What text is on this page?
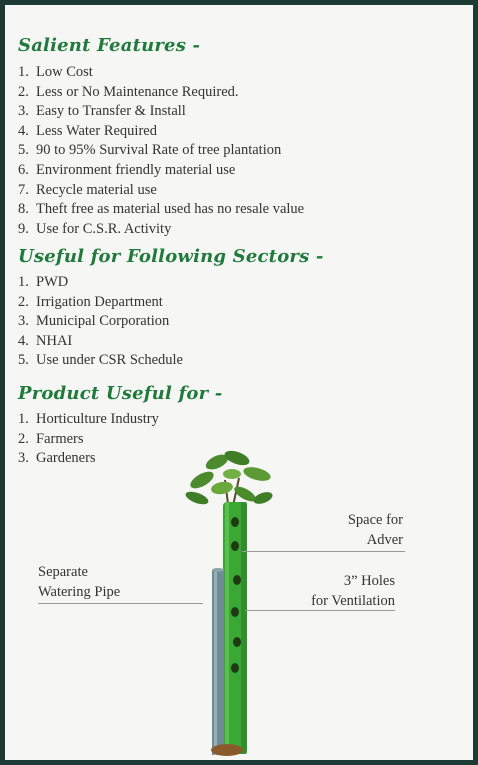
Salient Features -
1. Low Cost
2. Less or No Maintenance Required.
3. Easy to Transfer & Install
4. Less Water Required
5. 90 to 95% Survival Rate of tree plantation
6. Environment friendly material use
7. Recycle material use
8. Theft free as material used has no resale value
9. Use for C.S.R. Activity
Useful for Following Sectors -
1. PWD
2. Irrigation Department
3. Municipal Corporation
4. NHAI
5. Use under CSR Schedule
Product Useful for -
1. Horticulture Industry
2. Farmers
3. Gardeners
Space for
Adver
Separate
Watering Pipe
3” Holes
for Ventilation
